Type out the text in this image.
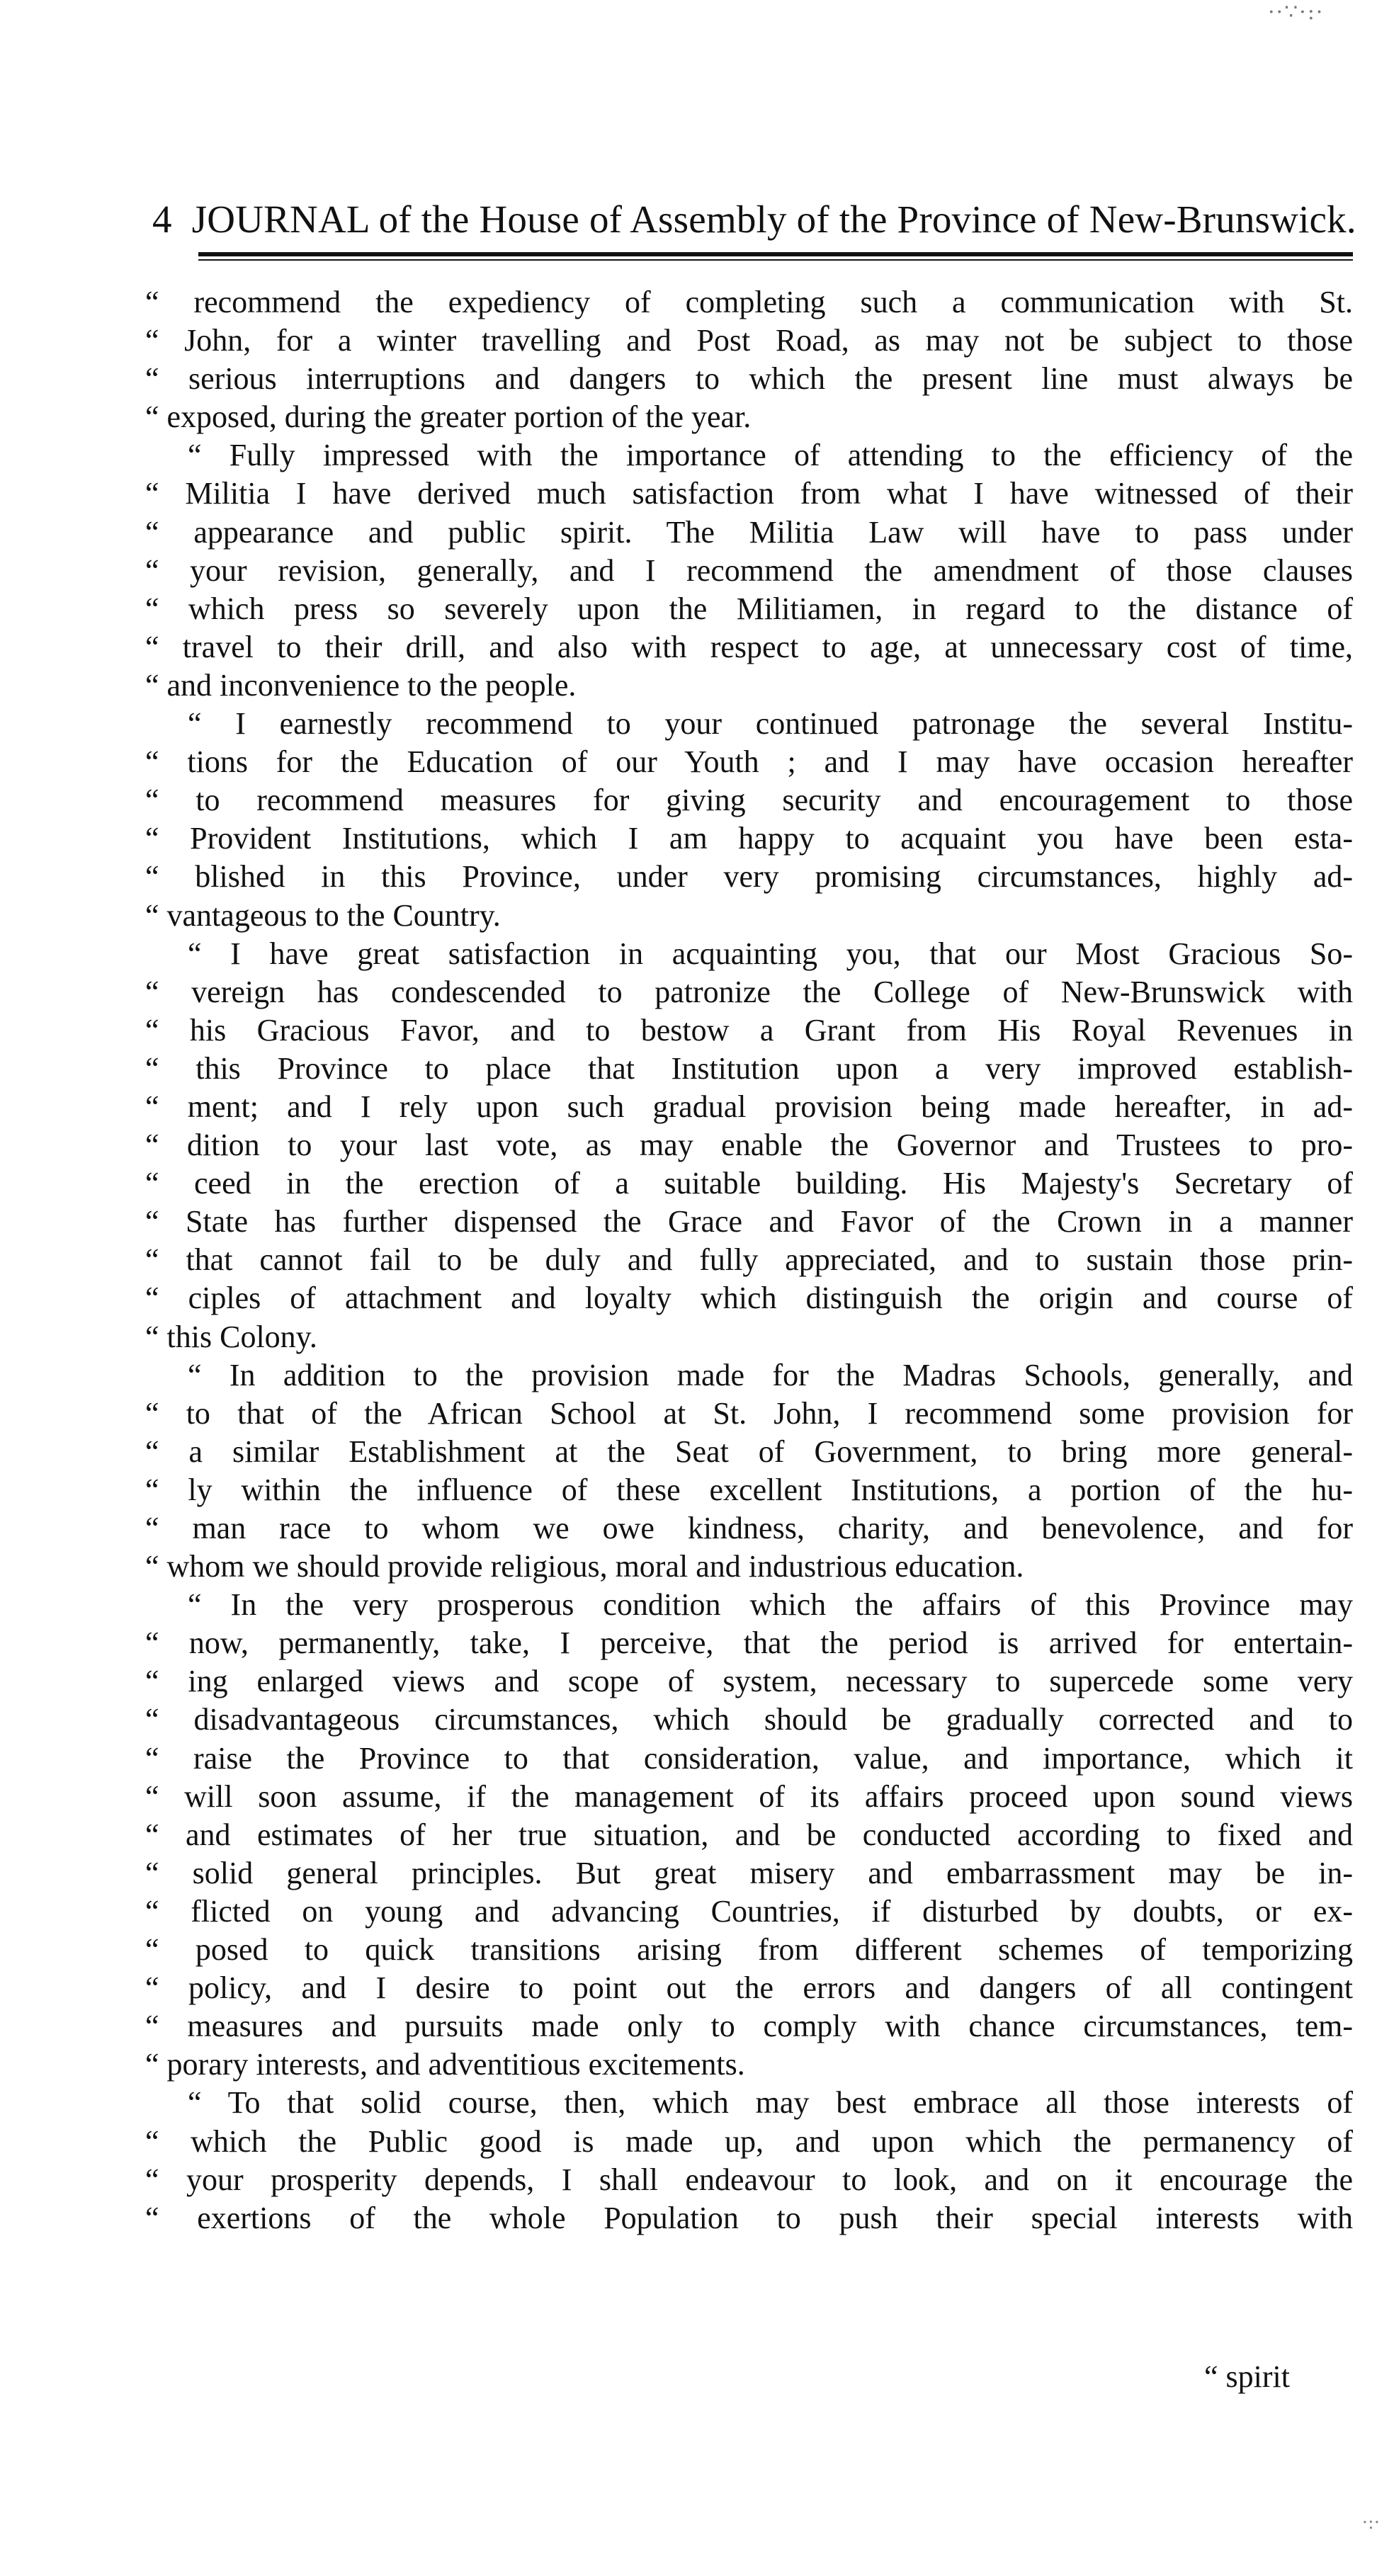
··∵·:·
4 JOURNAL of the House of Assembly of the Province of New-Brunswick.
“ recommend the expediency of completing such a communication with St.
“ John, for a winter travelling and Post Road, as may not be subject to those
“ serious interruptions and dangers to which the present line must always be
“ exposed, during the greater portion of the year.
“ Fully impressed with the importance of attending to the efficiency of the
“ Militia I have derived much satisfaction from what I have witnessed of their
“ appearance and public spirit. The Militia Law will have to pass under
“ your revision, generally, and I recommend the amendment of those clauses
“ which press so severely upon the Militiamen, in regard to the distance of
“ travel to their drill, and also with respect to age, at unnecessary cost of time,
“ and inconvenience to the people.
“ I earnestly recommend to your continued patronage the several Institu-
“ tions for the Education of our Youth ; and I may have occasion hereafter
“ to recommend measures for giving security and encouragement to those
“ Provident Institutions, which I am happy to acquaint you have been esta-
“ blished in this Province, under very promising circumstances, highly ad-
“ vantageous to the Country.
“ I have great satisfaction in acquainting you, that our Most Gracious So-
“ vereign has condescended to patronize the College of New-Brunswick with
“ his Gracious Favor, and to bestow a Grant from His Royal Revenues in
“ this Province to place that Institution upon a very improved establish-
“ ment; and I rely upon such gradual provision being made hereafter, in ad-
“ dition to your last vote, as may enable the Governor and Trustees to pro-
“ ceed in the erection of a suitable building. His Majesty's Secretary of
“ State has further dispensed the Grace and Favor of the Crown in a manner
“ that cannot fail to be duly and fully appreciated, and to sustain those prin-
“ ciples of attachment and loyalty which distinguish the origin and course of
“ this Colony.
“ In addition to the provision made for the Madras Schools, generally, and
“ to that of the African School at St. John, I recommend some provision for
“ a similar Establishment at the Seat of Government, to bring more general-
“ ly within the influence of these excellent Institutions, a portion of the hu-
“ man race to whom we owe kindness, charity, and benevolence, and for
“ whom we should provide religious, moral and industrious education.
“ In the very prosperous condition which the affairs of this Province may
“ now, permanently, take, I perceive, that the period is arrived for entertain-
“ ing enlarged views and scope of system, necessary to supercede some very
“ disadvantageous circumstances, which should be gradually corrected and to
“ raise the Province to that consideration, value, and importance, which it
“ will soon assume, if the management of its affairs proceed upon sound views
“ and estimates of her true situation, and be conducted according to fixed and
“ solid general principles. But great misery and embarrassment may be in-
“ flicted on young and advancing Countries, if disturbed by doubts, or ex-
“ posed to quick transitions arising from different schemes of temporizing
“ policy, and I desire to point out the errors and dangers of all contingent
“ measures and pursuits made only to comply with chance circumstances, tem-
“ porary interests, and adventitious excitements.
“ To that solid course, then, which may best embrace all those interests of
“ which the Public good is made up, and upon which the permanency of
“ your prosperity depends, I shall endeavour to look, and on it encourage the
“ exertions of the whole Population to push their special interests with
“ spirit
·:·
